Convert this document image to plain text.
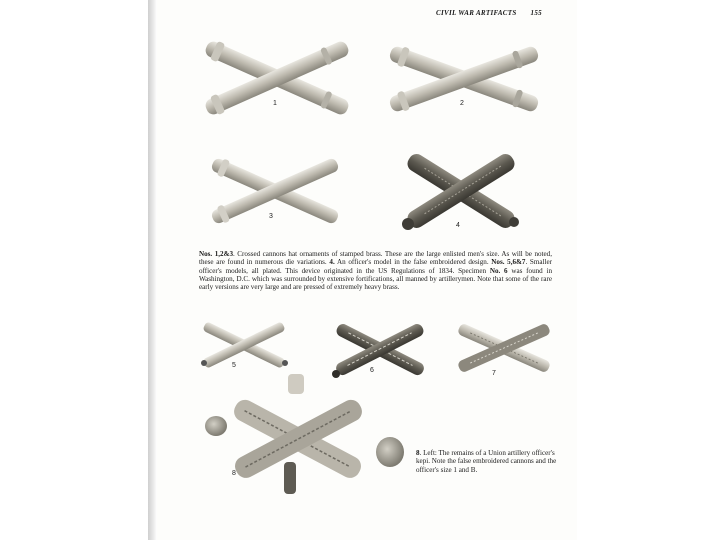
CIVIL WAR ARTIFACTS 155
1	2
3
4

Nos. 1,2&3. Crossed cannons hat ornaments of stamped brass. These are the large enlisted men's size. As will be noted, these are found in numerous die variations. 4. An officer's model in the false embroidered design. Nos. 5,6&7. Smaller officer's models, all plated. This device originated in the US Regulations of 1834. Specimen No. 6 was found in Washington, D.C. which was surrounded by extensive fortifications, all manned by artillerymen. Note that some of the rare early versions are very large and are pressed of extremely heavy brass.

5
6	7
8

8. Left: The remains of a Union artillery officer's kepi. Note the false embroidered cannons and the officer's size 1 and B.
